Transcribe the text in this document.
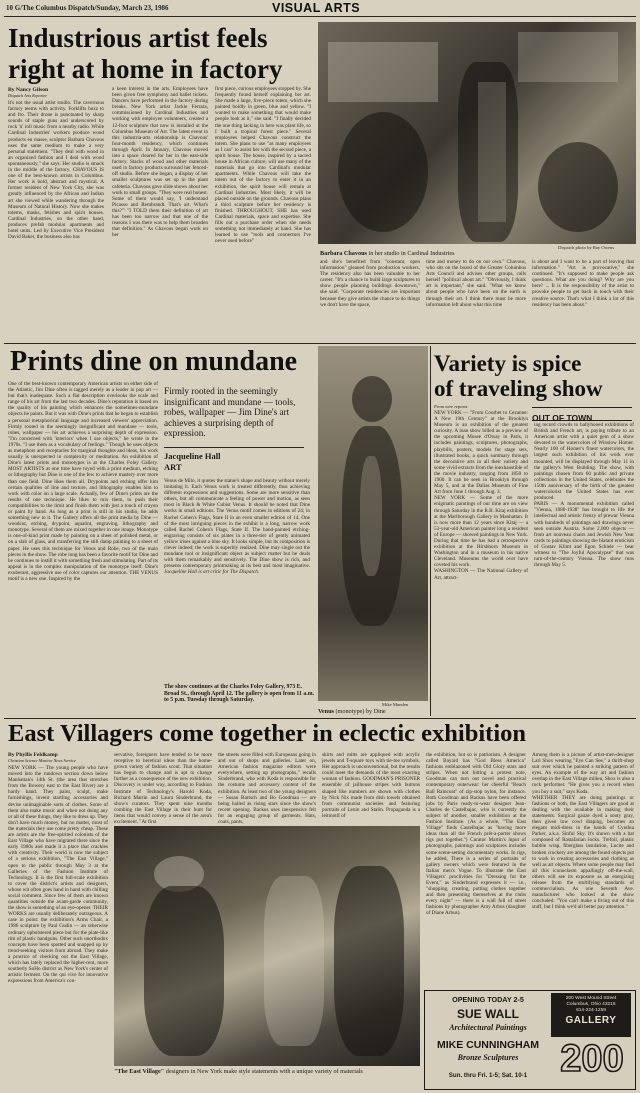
10 G/The Columbus Dispatch/Sunday, March 23, 1986	VISUAL ARTS
Industrious artist feels
right at home in factory
By Nancy Gilson
Dispatch Arts Reporter
It's not the usual artist studio. The cavernous factory teems with activity. Forklifts buzz to and fro. Their drone is punctuated by sharp sounds of staple guns and underscored by rock 'n' roll music from a nearby radio. While Cardinal Industries' workers produce wood products en masse, sculptor Barbara Chavous uses the same medium to make a very personal statement. "They deal with wood in an organized fashion and I deal with wood spontaneously," she says. Her studio is smack in the middle of the factory. CHAVOUS IS one of the best-known artists in Columbus. Her work is bold, abstract and mystical. A former resident of New York City, she was greatly influenced by the African and Indian art she viewed while wandering through the Museum of Natural History. Now she makes totems, masks, fetishes and spirit houses. Cardinal Industries, on the other hand, produces prefab modular apartments and hotel units. Led by Executive Vice President David Baker, the business also has
a keen interest in the arts. Employees have been given free symphony and ballet tickets. Dancers have performed in the factory during breaks. New York artist Jackie Ferrara, commissioned by Cardinal Industries and working with employee volunteers, created a 12-foot sculpture that now is installed at the Columbus Museum of Art. The latest event in this industria-arts relationship is Chavous' four-month residency, which continues through April. In January, Chavous moved into a space cleared for her in the east-side factory. Stacks of wood and other materials used in factory products surround her fenced-off studio. Before she began, a display of her smaller sculptures was set up in the plant cafeteria. Chavous gave slide shows about her work to small groups. "They were real honest. Some of them would say, 'I understand Picasso and Rembrandt. That's art. What's this?'" "I TOLD them their definition of art has been too narrow and that one of the reasons I was there was to help them broaden that definition." As Chavous began work on her
first piece, curious employees stopped by. She frequently found herself explaining her art. She made a large, five-piece totem, which she painted boldly in green, blue and yellow. "I wanted to make something that would make people look at it," she said. "I finally decided the one thing lacking in here was plant life, so I built a tropical forest piece." Several employees helped Chavous construct the totem. She plans to use "as many employees as I can" to assist her with the second piece, a spirit house. The house, inspired by a sacred house in African culture, will use many of the materials that go into Cardinal's modular apartments. While Chavous will take the totem out of the factory to enter it in an exhibition, the spirit house will remain at Cardinal Industries. Most likely, it will be placed outside on the grounds. Chavous plans a third sculpture before her residency is finished. THROUGHOUT, SHE has used Cardinal materials, space and expertise. She fills out a purchase order when she needs something not immediately at hand. She has learned to use "tools and connectors I've never used before"
Dispatch photo by Ray Owens
Barbara Chavous in her studio in Cardinal Industries
and she's benefited from "constant, open information" gleaned from production workers. The residency also has been valuable to her career. "It's a chance to build large sculptures to show people planning buildings downtown," she said. "Corporate residencies are important because they give artists the chance to do things we don't have the space,
time and money to do on our own." Chavous, who sits on the board of the Greater Columbus Arts Council and advises other groups, calls herself "political about art." "Obviously, I think art is important," she said. "What we know about people who have been on the earth is through their art. I think there must be more information left about what this time
is about and I want to be a part of leaving that information." "Art is provocative," she continued. "It's supposed to make people ask questions. What are you doing? Why are you here? ... It is the responsibility of the artist to provoke people to get back in touch with their creative source. That's what I think a lot of this residency has been about."
Prints dine on mundane
One of the best-known contemporary American artists on either side of the Atlantic, Jim Dine often is tagged merely as a leader in pop art — but that's inadequate. Such a flat description overlooks the scale and range of his art from the last two decades. Dine's reputation is based on the quality of his painting which enhances the sometimes-mundane objects he paints. But it was with Dine's prints that he began to establish a personal metaphorical language and increased viewers' appreciation. Firmly rooted in the seemingly insignificant and mundane — tools, robes, wallpaper — his art achieves a surprising depth of expression. "I'm concerned with 'interiors' when I use objects," he wrote in the 1970s. "I use them as a vocabulary of feelings." Though he uses objects as metaphors and receptacles for marginal thoughts and ideas, his work usually is unexpected in complexity or meditation. An exhibition of Dine's latest prints and monotypes is at the Charles Foley Gallery. MOST ARTISTS at one time have toyed with a print medium, etching or lithography but Dine is one of the few to achieve mastery over more than one field. Dine likes them all. Drypoints and etching offer him certain qualities of line and texture, and lithography enables him to work with color on a large scale. Actually, few of Dine's prints are the results of one technique. He likes to mix them, to push their compatibilities to the limit and finish them with just a touch of crayon or paint by hand. As long as a print is still in his studio, he adds something new to it. The Gallery offers all the print media by Dine — woodcut, etching, drypoint, aquatint, engraving, lithography and monotype. Several of them are mixed together in one image. Monotype is one-of-kind print made by painting on a sheet of polished metal, or on a slab of glass, and transferring the still damp painting to a sheet of paper. He uses this technique for Venus and Robe, two of the main pieces in the show. The robe long has been a favorite motif for Dine and he continues to instill it with something fresh and stimulating. Part of its appeal is in the complex manipulation of the monotype itself. Dine's exuberant, aggressive use of color captures our attention. THE VENUS motif is a new one. Inspired by the
Firmly rooted in the seemingly insignificant and mundane — tools, robes, wallpaper — Jim Dine's art achieves a surprising depth of expression.
Jacqueline Hall
ART
Venus de Milo, it quotes the statue's shape and beauty without merely imitating it. Each Venus work is treated differently, thus achieving different expressions and suggestions. Some are more sensitive than others, but all communicate a feeling of power and motion, as seen most in Black & White Cubist Venus. It should be noted that Dine works in small editions. The Venus motif comes in editions of 24; in Rachel Cohen's Flags, State II in an even smaller edition of 14. One of the most intriguing pieces in the exhibit is a long, narrow work called Rachel Cohen's Flags, State II. The hand-painted etching-engraving consists of six plates in a three-tier of gently animated yellow irises against a blue sky. It looks simple, but its composition is clever indeed; the work is superbly realized. Dine may single out the mundane tool or insignificant object as subject matter but he deals with them remarkably and sensitively. The Dine show is rich, and presents contemporary printmaking at its best and most imaginative. Jacqueline Hall is art critic for The Dispatch.
The show continues at the Charles Foley Gallery, 973 E. Broad St., through April 12. The gallery is open from 11 a.m. to 5 p.m. Tuesday through Saturday.
Mike Munden
Venus (monotype) by Dine
Variety is spice
of traveling show
From wire reports
OUT OF TOWN
NEW YORK — "From Courbet to Cezanne: A New 19th Century" at the Brooklyn Museum is an exhibition of the greatest curiosity. A loan show billed as a preview of the upcoming Musee d'Orsay in Paris, it includes paintings, sculptures, photographs, playbills, posters, models for stage sets, illustrated books, a quick summary through the decorative arts in all their variety and some vivid extracts from the inexhaustible of the movie industry, ranging from 1850 to 1900. It can be seen in Brooklyn through May 5, and at the Dallas Museum of Fine Art from June 1 through Aug. 3.
NEW YORK — Some of the more enigmatic paintings of our time are on view through Saturday in the R.B. Kitaj exhibition at the Marlborough Gallery in Manhattan. It is now more than 12 years since Kitaj — a 53-year-old American painter long a resident of Europe — showed paintings in New York. During that time he has had a retrospective exhibition at the Hirshhorn Museum in Washington and in a museum in his native Cleveland. Museums the world over have coveted his work.
WASHINGTON — The National Gallery of Art, attract-
ing record crowds to hallyhooed exhibitions of British and French art, is paying tribute to an American artist with a quiet gem of a show devoted to the watercolors of Winslow Homer. Nearly 100 of Homer's finest watercolors, the largest such exhibition of his work ever mounted, will be displayed through May 11 in the gallery's West Building. The show, with paintings chosen from 60 public and private collections in the United States, celebrates the 150th anniversary of the birth of the greatest watercolorist the United States has ever produced.
PARIS — A monumental exhibition called "Vienna, 1880-1938" has brought to life the intellectual and artistic frenzy of prewar Vienna with hundreds of paintings and drawings never seen outside Austria. Some 2,000 objects — from art nouveau chairs and Jewish New Year cards to paintings showing the blatant eroticism of Gustav Klimt and Egon Schiele — bear witness to "The Joyful Apocalypse" that was turn-of-the-century Vienna. The show runs through May 5.
East Villagers come together in eclectic exhibition
By Phyllis Feldkamp
Christian Science Monitor News Service
NEW YORK — The young people who have moved into the rundown section down below Manhattan's 14th St. (the area that stretches from the Bowery east to the East River) are a hardy band. They paint, sculpt, make furnishings, invent startling accessories and devise unimaginable sorts of clothes. Some of them also make music and when not doing any or all of these things, they like to dress up. They don't have much money, but no matter, most of the materials they use come pretty cheap. These are artists are the free-spirited colonists of the East Village who have migrated there since the early 1980s and made it a place that crackles with creativity. Their world is now the subject of a serious exhibition, "The East Village," open to the public through May 3 at the Galleries of the Fashion Institute of Technology. It is the first full-scale exhibition to cover the district's artists and designers, whose wit often goes hand in hand with chilling social comment. Since few of them are known quantities outside the avant-garde community, the show is something of an eye-opener. THEIR WORKS are usually deliberately outrageous. A case in point: the exhibition's Arms Chair, a 1986 sculpture by Paul Gudin — an otherwise ordinary upholstered piece but for the plate-like rim of plastic handguns. Other such unorthodox concepts have been spotted and snapped up by trend-seeking visitors from abroad. They make a practice of checking out the East Village, which has lately replaced the higher-rent, more southerly SoHo district as New York's center of artistic ferment. On the qui vive for innovative expressions from America's con-
servative, foreigners have tended to be more receptive to heretical ideas than the home-grown variety of fashion scout. That situation has begun to change and is apt to change further as a consequence of the new exhibition. Discovery is under way, according to Fashion Institute of Technology's Harold Koda, Richard Martin and Laura Sinderbrand, the show's curators. They spent nine months combing the East Village in their hunt for items that would convey a sense of the area's excitement. "At first
the streets were filled with Europeans going in and out of shops and galleries. Later on, American fashion magazine editors were everywhere, setting up photographs," recalls Sinderbrand, who with Koda is responsible for the costume and accessory content of the exhibition. At least two of the young designers — Susan Bartsch and Bo Goodman — are being hailed as rising stars since the show's recent opening. Backus uses inexpensive felt for an engaging group of garments. Hats, coats, pants,
skirts and mitts are appliqued with acrylic jewels and T-square toys with tie-toe symbols. Her approach is unconventional, but the results could meet the demands of the most exacting woman of fashion. GOODMAN'S PRISONER ensemble of jailhouse stripes with buttons shaped like numbers are shown with clothes by Nick Nix made from dish towels obtained from communist societies and featuring portraits of Lenin and Stalin. Propaganda is a leitmotif of
"The East Village" designers in New York make style statements with a unique variety of materials
the exhibition, but so is patriotism. A designer called Bayard has "God Bless America" fashions emblazoned with Old Glory stars and stripes. When not hitting a protest note, Goodman can turn out novel and practical contemporary outerwear: her cheerful "Beach Ball Raincoat" of zip-stop nylon, for instance. Both Goodman and Backus have been offered jobs by Paris ready-to-wear designer Jean-Charles de Castelbajac, who is currently the subject of another, smaller exhibition at the Fashion Institute. (As a whole, "The East Village" finds Castelbajac as "having more ideas than all the French prêt-a-porter shows rigs put together.") Curator Martin's input of photographs, paintings and sculptures includes some scene-setting documentary works. In rigs, he added, There is a series of portraits of gallery owners which were featured in the Italian men's Vogue. To illustrate the East Villagers' proclivities for "Dressing for the Event," as Sinderbrand expresses it — i.e., "shopping, creating, putting clothes together and then presenting themselves at the clubs every night" — there is a wall full of street fashions by photographer Amy Arbus (daughter of Diane Arbus).
Among them is a picture of artist-men-designer Lari Shox wearing "Eye Can See," a thrift-shop suit over which he painted a striking pattern of eyes. An example of the way art and fashion overlap in the East Village milieu, Shox is also a rock performer. "He gives you a record when you buy a suit," says Koda.
WHETHER THEY are doing paintings or fashions or both, the East Villagers are good at dealing with the available in making their statements. Surgical gauze dyed a sooty gray, then given low cowl draping, becomes an elegant midi-dress in the hands of Cynthia Parker, a.k.a. Sinful Sky. It's shown with a hat composed of Rastafarian locks. Trefoil, plastic bubble wrap, fiberglass insulation, Lucite and broken crockery are among the found objects put to work in creating accessories and clothing as well as art objects. Where some people may find all this iconoclasm appallingly off-the-wall, others will see its exposure as an energizing release from the stultifying standards of commercialism. As one Seventh Ave. manufacturer who looked at the show concluded: "You can't make a living out of this stuff, but I think we'd all better pay attention."
OPENING TODAY 2-5
SUE WALL
Architectural Paintings
MIKE CUNNINGHAM
Bronze Sculptures
Sun. thru Fri. 1-5; Sat. 10-1
200 West Mound Street
Columbus, Ohio 43215
614-224-1259
GALLERY
200
